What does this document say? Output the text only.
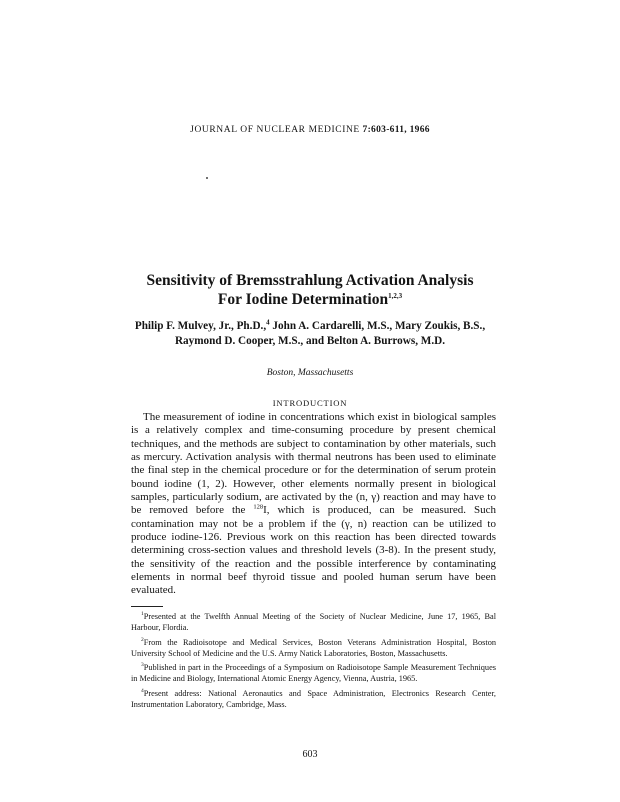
JOURNAL OF NUCLEAR MEDICINE 7:603-611, 1966
Sensitivity of Bremsstrahlung Activation Analysis
For Iodine Determination$^{1,2,3}$
Philip F. Mulvey, Jr., Ph.D.,$^4$ John A. Cardarelli, M.S., Mary Zoukis, B.S.,
Raymond D. Cooper, M.S., and Belton A. Burrows, M.D.
Boston, Massachusetts
INTRODUCTION

The measurement of iodine in concentrations which exist in biological samples is a relatively complex and time-consuming procedure by present chemical techniques, and the methods are subject to contamination by other materials, such as mercury. Activation analysis with thermal neutrons has been used to eliminate the final step in the chemical procedure or for the determination of serum protein bound iodine (1, 2). However, other elements normally present in biological samples, particularly sodium, are activated by the (n, γ) reaction and may have to be removed before the $^{128}$I, which is produced, can be measured. Such contamination may not be a problem if the (γ, n) reaction can be utilized to produce iodine-126. Previous work on this reaction has been directed towards determining cross-section values and threshold levels (3-8). In the present study, the sensitivity of the reaction and the possible interference by contaminating elements in normal beef thyroid tissue and pooled human serum have been evaluated.

$^1$Presented at the Twelfth Annual Meeting of the Society of Nuclear Medicine, June 17, 1965, Bal Harbour, Flordia.

$^2$From the Radioisotope and Medical Services, Boston Veterans Administration Hospital, Boston University School of Medicine and the U.S. Army Natick Laboratories, Boston, Massachusetts.

$^3$Published in part in the Proceedings of a Symposium on Radioisotope Sample Measurement Techniques in Medicine and Biology, International Atomic Energy Agency, Vienna, Austria, 1965.

$^4$Present address: National Aeronautics and Space Administration, Electronics Research Center, Instrumentation Laboratory, Cambridge, Mass.

603
